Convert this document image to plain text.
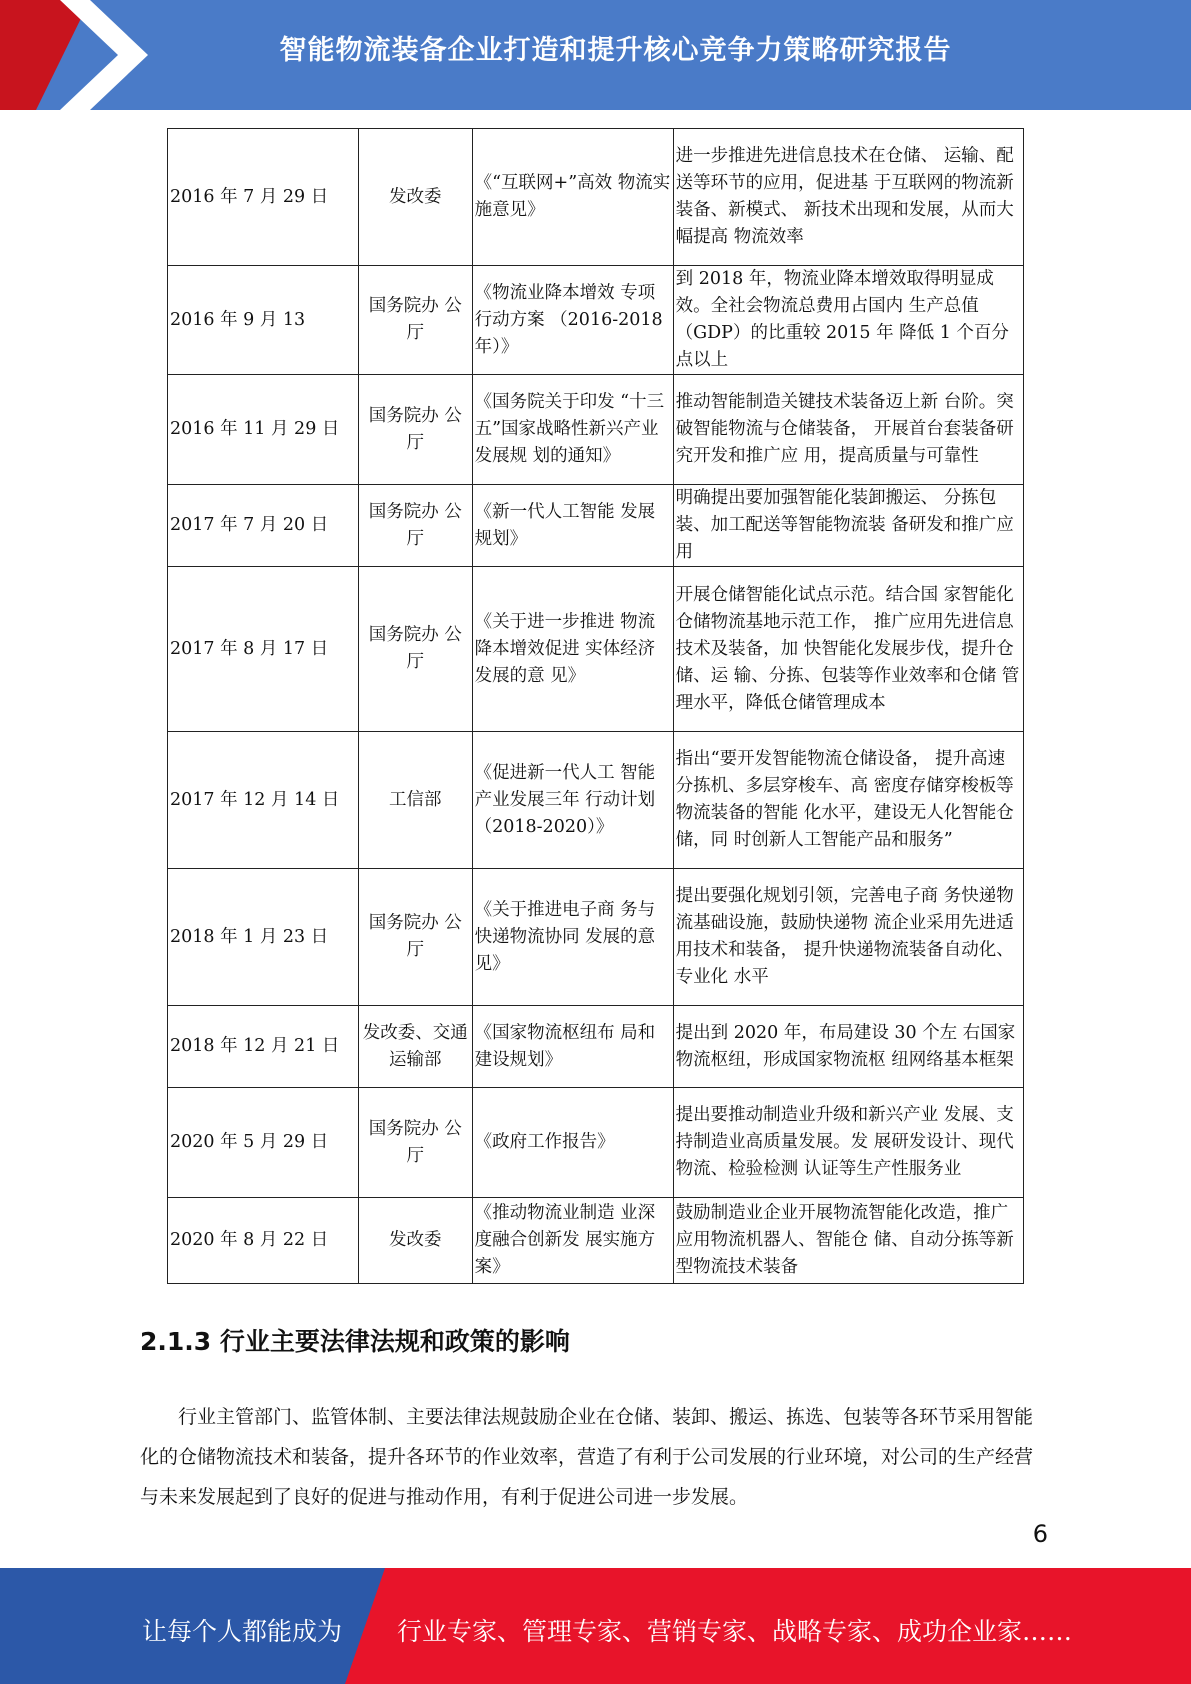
智能物流装备企业打造和提升核心竞争力策略研究报告
2016 年 7 月 29 日	发改委	《“互联网+”高效 物流实施意见》	进一步推进先进信息技术在仓储、 运输、配送等环节的应用，促进基 于互联网的物流新装备、新模式、 新技术出现和发展，从而大幅提高 物流效率
2016 年 9 月 13	国务院办 公厅	《物流业降本增效 专项行动方案 （2016-2018 年）》	到 2018 年，物流业降本增效取得明显成效。全社会物流总费用占国内 生产总值（GDP）的比重较 2015 年 降低 1 个百分点以上
2016 年 11 月 29 日	国务院办 公厅	《国务院关于印发 “十三五”国家战略性新兴产业发展规 划的通知》	推动智能制造关键技术装备迈上新 台阶。突破智能物流与仓储装备， 开展首台套装备研究开发和推广应 用，提高质量与可靠性
2017 年 7 月 20 日	国务院办 公厅	《新一代人工智能 发展规划》	明确提出要加强智能化装卸搬运、 分拣包装、加工配送等智能物流装 备研发和推广应用
2017 年 8 月 17 日	国务院办 公厅	《关于进一步推进 物流降本增效促进 实体经济发展的意 见》	开展仓储智能化试点示范。结合国 家智能化仓储物流基地示范工作， 推广应用先进信息技术及装备，加 快智能化发展步伐，提升仓储、运 输、分拣、包装等作业效率和仓储 管理水平，降低仓储管理成本
2017 年 12 月 14 日	工信部	《促进新一代人工 智能产业发展三年 行动计划 （2018-2020）》	指出“要开发智能物流仓储设备， 提升高速分拣机、多层穿梭车、高 密度存储穿梭板等物流装备的智能 化水平，建设无人化智能仓储，同 时创新人工智能产品和服务”
2018 年 1 月 23 日	国务院办 公厅	《关于推进电子商 务与快递物流协同 发展的意见》	提出要强化规划引领，完善电子商 务快递物流基础设施，鼓励快递物 流企业采用先进适用技术和装备， 提升快递物流装备自动化、专业化 水平
2018 年 12 月 21 日	发改委、交通运输部	《国家物流枢纽布 局和建设规划》	提出到 2020 年，布局建设 30 个左 右国家物流枢纽，形成国家物流枢 纽网络基本框架
2020 年 5 月 29 日	国务院办 公厅	《政府工作报告》	提出要推动制造业升级和新兴产业 发展、支持制造业高质量发展。发 展研发设计、现代物流、检验检测 认证等生产性服务业
2020 年 8 月 22 日	发改委	《推动物流业制造 业深度融合创新发 展实施方案》	鼓励制造业企业开展物流智能化改造，推广应用物流机器人、智能仓 储、自动分拣等新型物流技术装备
2.1.3 行业主要法律法规和政策的影响
行业主管部门、监管体制、主要法律法规鼓励企业在仓储、装卸、搬运、拣选、包装等各环节采用智能化的仓储物流技术和装备，提升各环节的作业效率，营造了有利于公司发展的行业环境，对公司的生产经营与未来发展起到了良好的促进与推动作用，有利于促进公司进一步发展。
6
让每个人都能成为 行业专家、管理专家、营销专家、战略专家、成功企业家……
